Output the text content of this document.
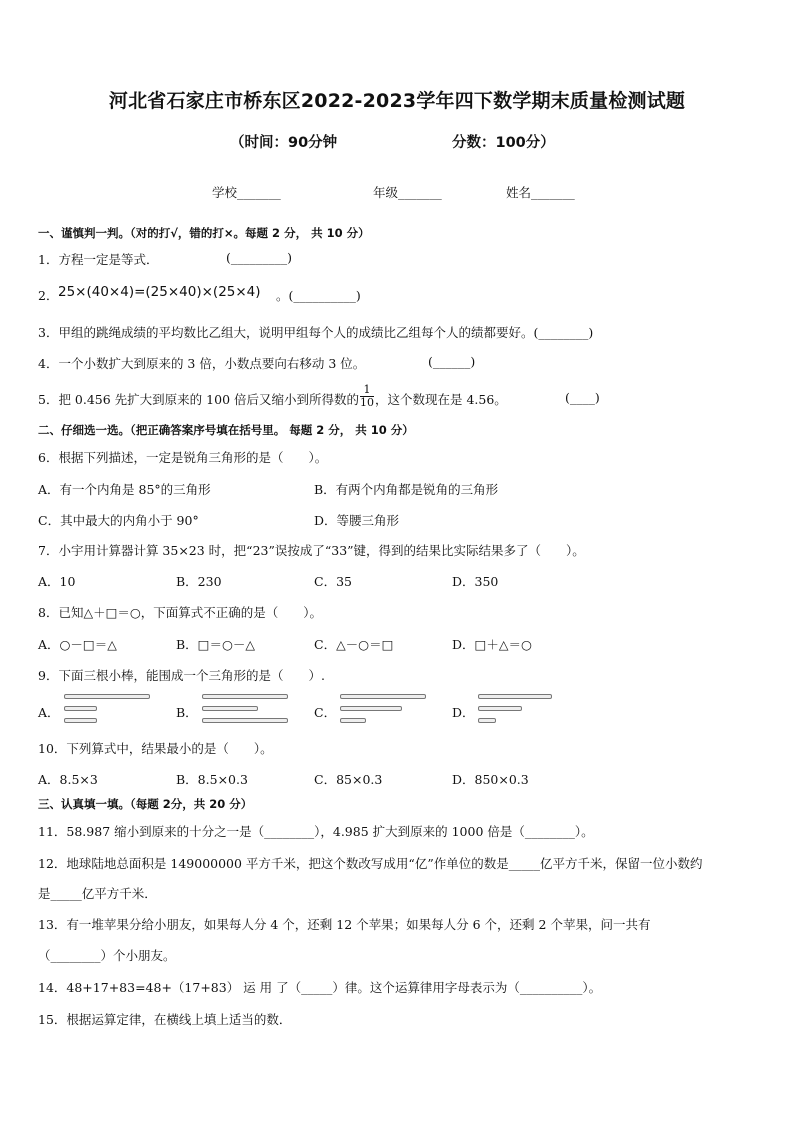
河北省石家庄市桥东区2022-2023学年四下数学期末质量检测试题
（时间：90分钟	分数：100分）
学校_______	年级_______	姓名_______
一、谨慎判一判。（对的打√，错的打×。每题 2 分， 共 10 分）
1．方程一定是等式．	(_________)
2． 25×(40×4)=(25×40)×(25×4) 。(__________)
3．甲组的跳绳成绩的平均数比乙组大，说明甲组每个人的成绩比乙组每个人的绩都要好。(________)
4．一个小数扩大到原来的 3 倍，小数点要向右移动 3 位。	(______)
5．把 0.456 先扩大到原来的 100 倍后又缩小到所得数的 $\frac{1}{10}$ ，这个数现在是 4.56。	(____)
二、仔细选一选。（把正确答案序号填在括号里。 每题 2 分， 共 10 分）
6．根据下列描述，一定是锐角三角形的是（　　）。
A．有一个内角是 85°的三角形	B．有两个内角都是锐角的三角形
C．其中最大的内角小于 90°	D．等腰三角形
7．小宇用计算器计算 35×23 时，把“23”误按成了“33”键，得到的结果比实际结果多了（　　）。
A．10	B．230	C．35	D．350
8．已知△＋□＝○，下面算式不正确的是（　　）。
A．○－□＝△	B．□＝○－△	C．△－○＝□	D．□＋△＝○
9．下面三根小棒，能围成一个三角形的是（　　）.
A．	B．	C．	D．
10．下列算式中，结果最小的是（　　）。
A．8.5×3	B．8.5×0.3	C．85×0.3	D．850×0.3
三、认真填一填。（每题 2分，共 20 分）
11．58.987 缩小到原来的十分之一是（________），4.985 扩大到原来的 1000 倍是（________）。
12．地球陆地总面积是 149000000 平方千米，把这个数改写成用“亿”作单位的数是_____亿平方千米，保留一位小数约
是_____亿平方千米．
13．有一堆苹果分给小朋友，如果每人分 4 个，还剩 12 个苹果；如果每人分 6 个，还剩 2 个苹果，问一共有
（________）个小朋友。
14．48+17+83=48+（17+83） 运 用 了（_____）律。这个运算律用字母表示为（__________）。
15．根据运算定律，在横线上填上适当的数．
